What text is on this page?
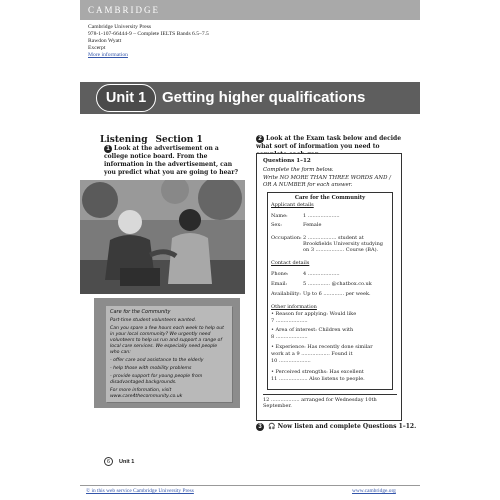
CAMBRIDGE
Cambridge University Press
978-1-107-66444-9 – Complete IELTS Bands 6.5–7.5
Rawdon Wyatt
Excerpt
More information
Unit 1	Getting higher qualifications
Listening Section 1
1 Look at the advertisement on a college notice board. From the information in the advertisement, can you predict what you are going to hear?

Care for the Community

Part-time student volunteers wanted.

Can you spare a few hours each week to help out in your local community? We urgently need volunteers to help us run and support a range of local care services. We especially need people who can:

- offer care and assistance to the elderly

- help those with mobility problems

- provide support for young people from disadvantaged backgrounds.

For more information, visit www.care4thecommunity.co.uk

2 Look at the Exam task below and decide what sort of information you need to
Questions 1–12
Complete the form below.
Write NO MORE THAN THREE WORDS AND / OR A NUMBER for each answer.
Care for the Community
Applicant details
Name:	1 ....................
Sex:	Female
Occupation:2 .................. student at
Brookfields University studying
on 3 .................. Course (BA).
Contact details
Phone:	4 ....................
Email:	5 .............. @chatbox.co.uk
Availability: Up to 6 ............. per week.
Other information
• Reason for applying: Would like
7 ....................
• Area of interest: Children with
8 ....................
• Experience: Has recently done similar
work at a 9 .................. Found it
10 ....................
• Perceived strengths: Has excellent
11 .................. Also listens to people.
12 .................. arranged for Wednesday 10th
September.
3 🎧 Now listen and complete Questions 1–12.
6 Unit 1
© in this web service Cambridge University Press	www.cambridge.org
